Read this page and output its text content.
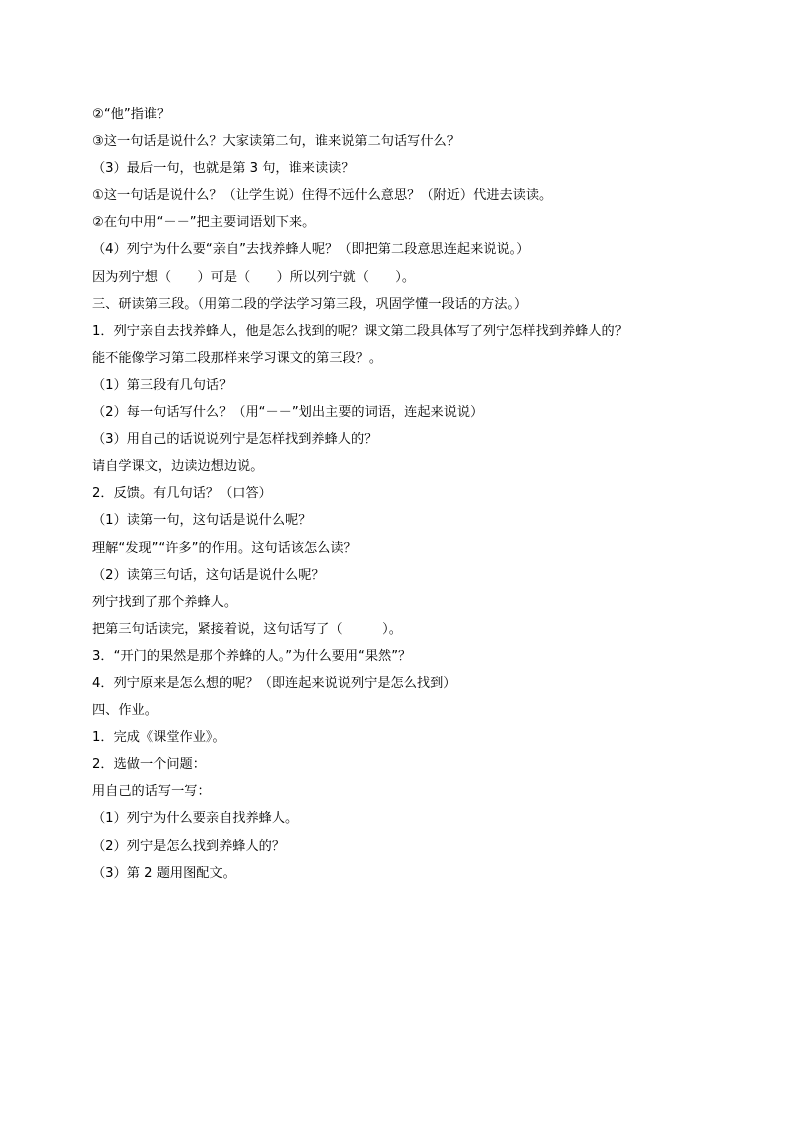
②“他”指谁？
③这一句话是说什么？大家读第二句，谁来说第二句话写什么？
（3）最后一句，也就是第 3 句，谁来读读？
①这一句话是说什么？（让学生说）住得不远什么意思？（附近）代进去读读。
②在句中用“－－”把主要词语划下来。
（4）列宁为什么要“亲自”去找养蜂人呢？（即把第二段意思连起来说说。）
因为列宁想（　　）可是（　　）所以列宁就（　　）。
三、研读第三段。（用第二段的学法学习第三段，巩固学懂一段话的方法。）
1．列宁亲自去找养蜂人，他是怎么找到的呢？课文第二段具体写了列宁怎样找到养蜂人的？
能不能像学习第二段那样来学习课文的第三段？。
（1）第三段有几句话？
（2）每一句话写什么？（用“－－”划出主要的词语，连起来说说）
（3）用自己的话说说列宁是怎样找到养蜂人的？
请自学课文，边读边想边说。
2．反馈。有几句话？（口答）
（1）读第一句，这句话是说什么呢？
理解“发现”“许多”的作用。这句话该怎么读？
（2）读第三句话，这句话是说什么呢？
列宁找到了那个养蜂人。
把第三句话读完，紧接着说，这句话写了（　　　）。
3．“开门的果然是那个养蜂的人。”为什么要用“果然”？
4．列宁原来是怎么想的呢？（即连起来说说列宁是怎么找到）
四、作业。
1．完成《课堂作业》。
2．选做一个问题：
用自己的话写一写：
（1）列宁为什么要亲自找养蜂人。
（2）列宁是怎么找到养蜂人的？
（3）第 2 题用图配文。
